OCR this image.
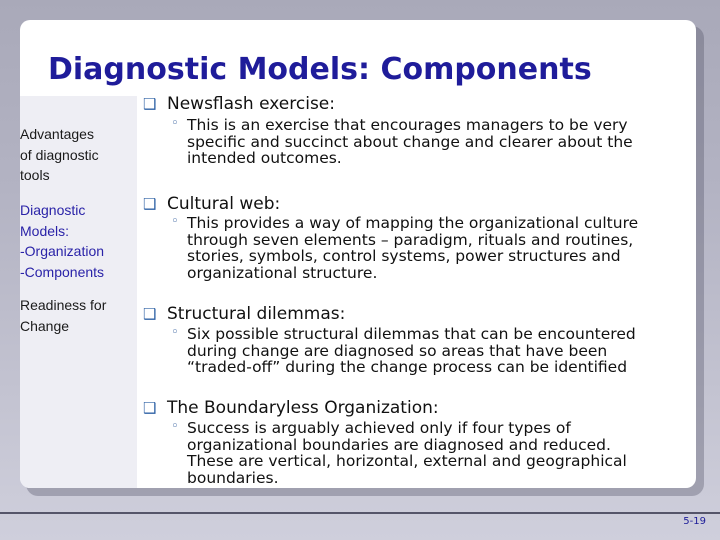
Diagnostic Models: Components
Advantages
of diagnostic
tools
Diagnostic
Models:
-Organization
-Components
Readiness for
Change
❑ Newsflash exercise:
◦ This is an exercise that encourages managers to be very specific and succinct about change and clearer about the intended outcomes.
❑ Cultural web:
◦ This provides a way of mapping the organizational culture through seven elements – paradigm, rituals and routines, stories, symbols, control systems, power structures and organizational structure.
❑ Structural dilemmas:
◦ Six possible structural dilemmas that can be encountered during change are diagnosed so areas that have been “traded-off” during the change process can be identified
❑ The Boundaryless Organization:
◦ Success is arguably achieved only if four types of organizational boundaries are diagnosed and reduced. These are vertical, horizontal, external and geographical boundaries.
5-19
